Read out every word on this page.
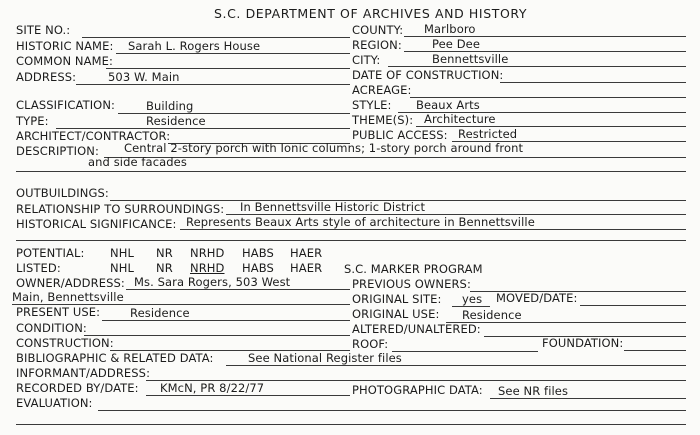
S.C. DEPARTMENT OF ARCHIVES AND HISTORY
SITE NO.:
HISTORIC NAME: Sarah L. Rogers House
COMMON NAME:
ADDRESS:	503 W. Main
COUNTY: Marlboro
REGION:	Pee Dee
CITY:	Bennettsville
DATE OF CONSTRUCTION:
ACREAGE:
CLASSIFICATION:	Building
TYPE:	Residence
ARCHITECT/CONTRACTOR:
STYLE: Beaux Arts
THEME(S): Architecture
PUBLIC ACCESS: Restricted
DESCRIPTION: Central 2-story porch with Ionic columns; 1-story porch around front
and side facades
OUTBUILDINGS:
RELATIONSHIP TO SURROUNDINGS: In Bennettsville Historic District
HISTORICAL SIGNIFICANCE: Represents Beaux Arts style of architecture in Bennettsville
POTENTIAL: NHL NR NRHD HABS HAER
LISTED:	NHL NR NRHD HABS HAER S.C. MARKER PROGRAM
OWNER/ADDRESS: Ms. Sara Rogers, 503 West
Main, Bennettsville
PREVIOUS OWNERS:
ORIGINAL SITE: yes MOVED/DATE:
PRESENT USE:	Residence	ORIGINAL USE: Residence
CONDITION:	ALTERED/UNALTERED:
CONSTRUCTION:	ROOF:	FOUNDATION:
BIBLIOGRAPHIC & RELATED DATA:	See National Register files
INFORMANT/ADDRESS:
RECORDED BY/DATE: KMcN, PR 8/22/77	PHOTOGRAPHIC DATA: See NR files
EVALUATION:
